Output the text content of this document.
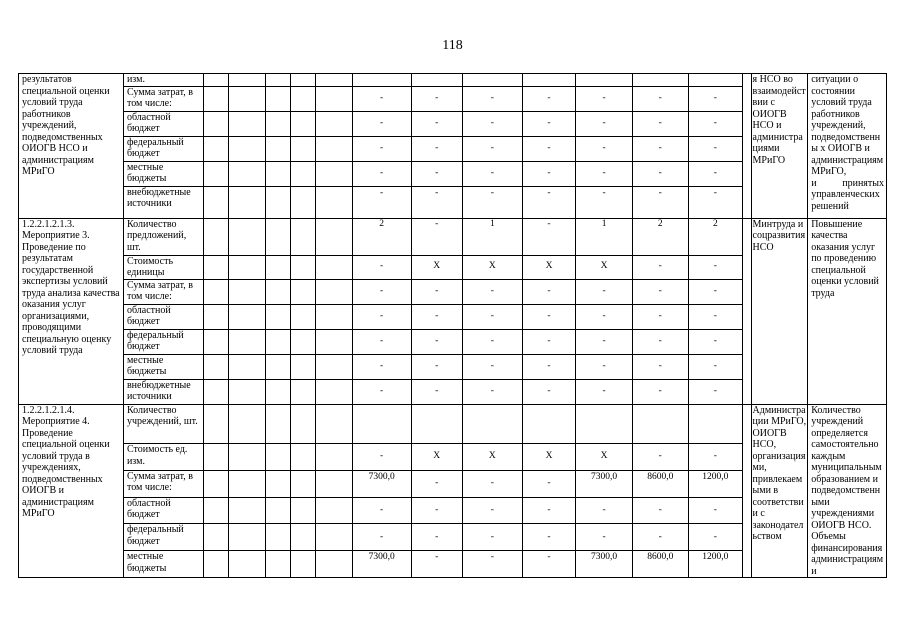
118
результатов специальной оценки условий труда работников учреждений, подведомственных ОИОГВ НСО и администрациям МРиГО	изм.														я НСО во взаимодействии с ОИОГВ НСО и администрациями МРиГО	ситуации о состоянии условий труда работников учреждений, подведомственны х ОИОГВ и администрациям МРиГО,
и принятых
управленческих решений

	Сумма затрат, в том числе:						-	-	-	-	-	-	-			
	областной бюджет						-	-	-	-	-	-	-			
	федеральный бюджет						-	-	-	-	-	-	-			
	местные бюджеты						-	-	-	-	-	-	-			
	внебюджетные источники						-	-	-	-	-	-	-			
1.2.2.1.2.1.3. Мероприятие 3. Проведение по результатам государственной экспертизы условий труда анализа качества оказания услуг организациями, проводящими специальную оценку условий труда	Количество предложений, шт.						2	-	1	-	1	2	2		Минтруда и соцразвития НСО	Повышение качества оказания услуг по проведению специальной оценки условий труда
	Стоимость единицы						-	X	X	X	X	-	-			
	Сумма затрат, в том числе:						-	-	-	-	-	-	-			
	областной бюджет						-	-	-	-	-	-	-			
	федеральный бюджет						-	-	-	-	-	-	-			
	местные бюджеты						-	-	-	-	-	-	-			
	внебюджетные источники						-	-	-	-	-	-	-			
1.2.2.1.2.1.4. Мероприятие 4. Проведение специальной оценки условий труда в учреждениях, подведомственных ОИОГВ и администрациям МРиГО	Количество учреждений, шт.														Администрации МРиГО, ОИОГВ НСО, организациями, привлекаемыми в соответствии с законодательством	Количество учреждений определяется самостоятельно каждым муниципальным образованием и подведомственными учреждениями ОИОГВ НСО. Объемы финансирования администрациями
	Стоимость ед. изм.						-	X	X	X	X	-	-			
	Сумма затрат, в том числе:						7300,0	-	-	-	7300,0	8600,0	1200,0			
	областной бюджет						-	-	-	-	-	-	-			
	федеральный бюджет						-	-	-	-	-	-	-			
	местные бюджеты						7300,0	-	-	-	7300,0	8600,0	1200,0			
